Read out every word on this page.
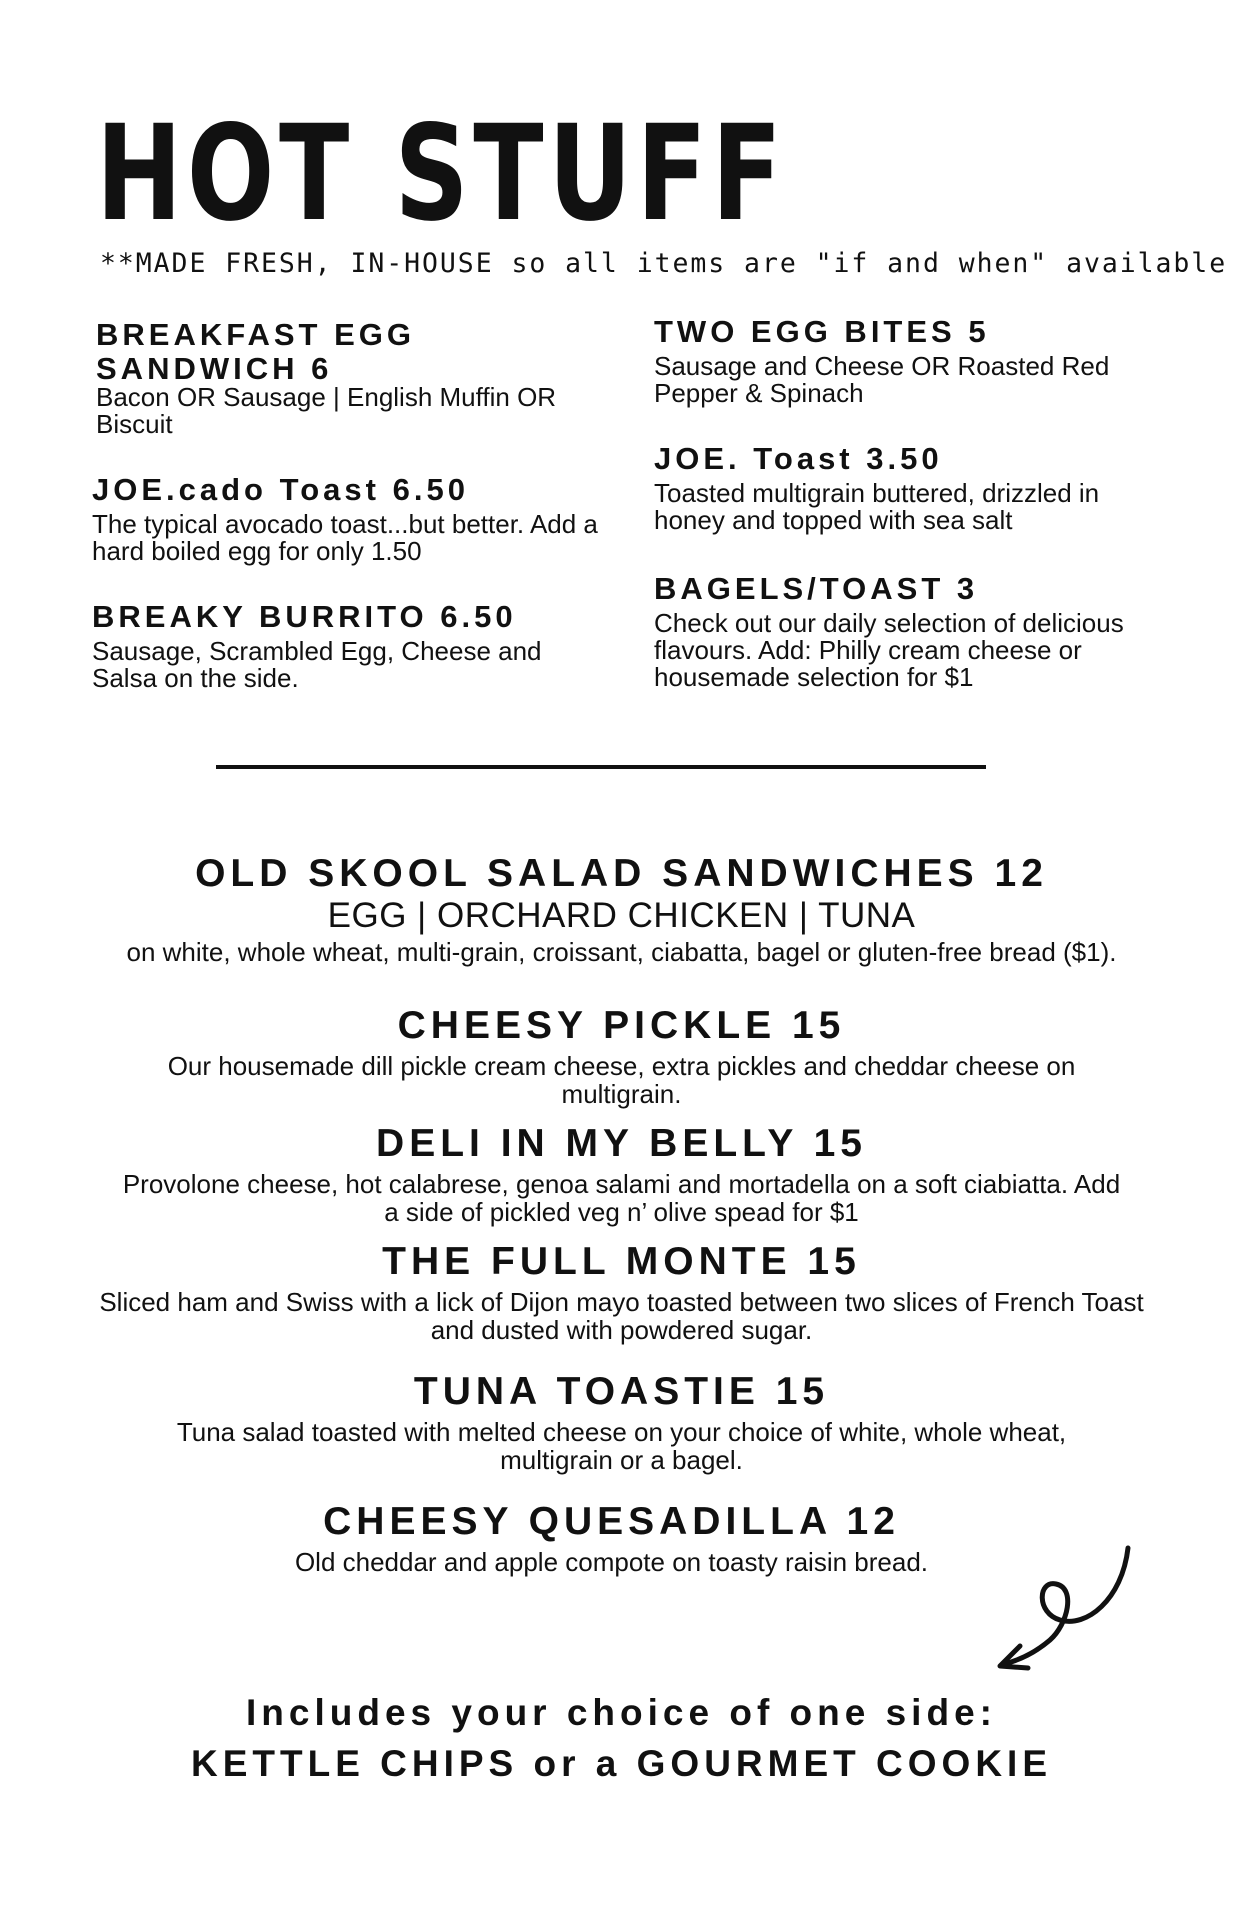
HOT STUFF
**MADE FRESH, IN-HOUSE so all items are "if and when" available

BREAKFAST EGG SANDWICH 6

Bacon OR Sausage | English Muffin OR Biscuit

JOE.cado Toast 6.50

The typical avocado toast...but better. Add a hard boiled egg for only 1.50

BREAKY BURRITO 6.50

Sausage, Scrambled Egg, Cheese and Salsa on the side.

TWO EGG BITES 5

Sausage and Cheese OR Roasted Red Pepper & Spinach

JOE. Toast 3.50

Toasted multigrain buttered, drizzled in honey and topped with sea salt

BAGELS/TOAST 3

Check out our daily selection of delicious flavours. Add: Philly cream cheese or housemade selection for $1

OLD SKOOL SALAD SANDWICHES 12

EGG | ORCHARD CHICKEN | TUNA

on white, whole wheat, multi-grain, croissant, ciabatta, bagel or gluten-free bread ($1).

CHEESY PICKLE 15

Our housemade dill pickle cream cheese, extra pickles and cheddar cheese on multigrain.

DELI IN MY BELLY 15

Provolone cheese, hot calabrese, genoa salami and mortadella on a soft ciabiatta. Add a side of pickled veg n’ olive spead for $1

THE FULL MONTE 15

Sliced ham and Swiss with a lick of Dijon mayo toasted between two slices of French Toast and dusted with powdered sugar.

TUNA TOASTIE 15

Tuna salad toasted with melted cheese on your choice of white, whole wheat, multigrain or a bagel.

CHEESY QUESADILLA 12

Old cheddar and apple compote on toasty raisin bread.

Includes your choice of one side:
KETTLE CHIPS or a GOURMET COOKIE
